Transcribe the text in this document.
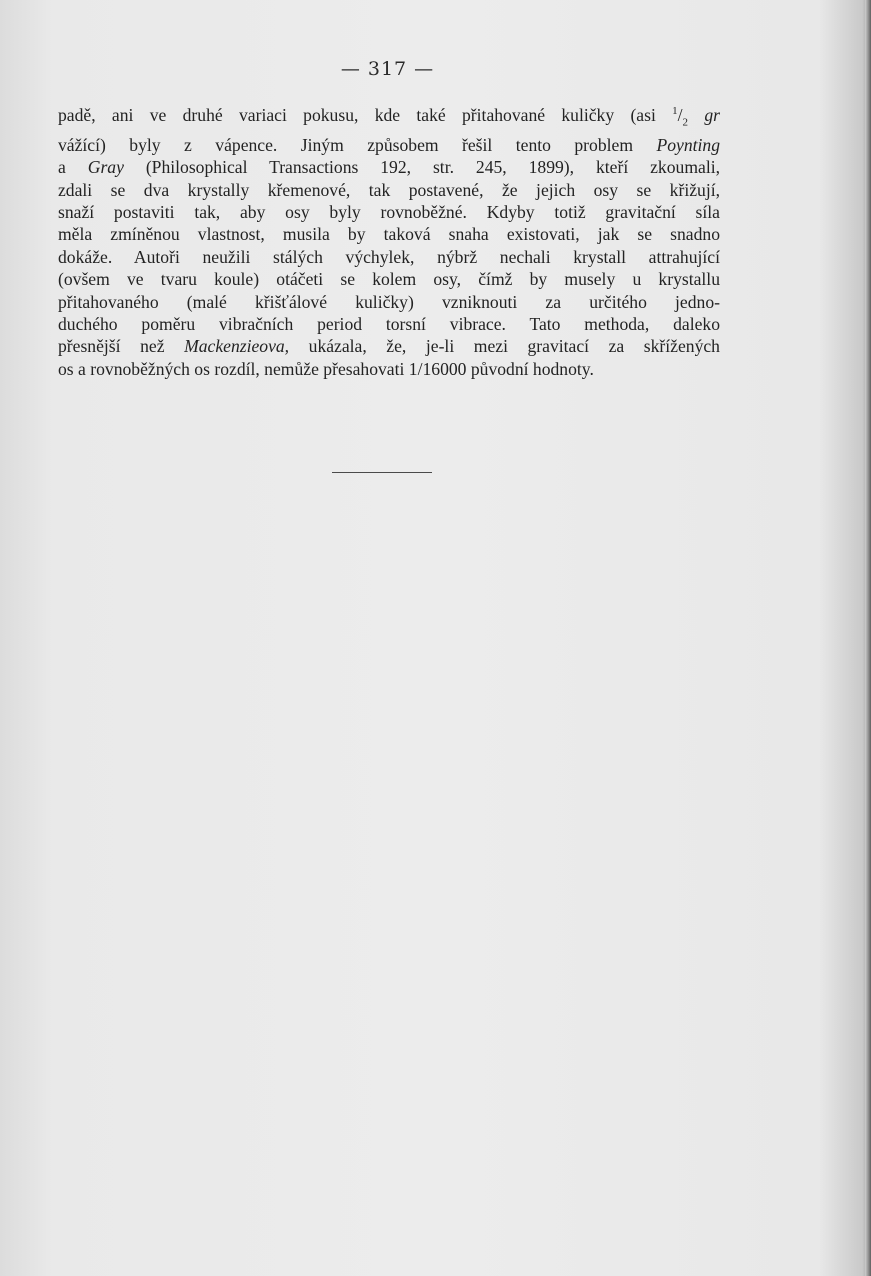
— 317 —
padě, ani ve druhé variaci pokusu, kde také přitahované kuličky (asi $^1/_2$ gr
vážící) byly z vápence. Jiným způsobem řešil tento problem Poynting
a Gray (Philosophical Transactions 192, str. 245, 1899), kteří zkoumali,
zdali se dva krystally křemenové, tak postavené, že jejich osy se křižují,
snaží postaviti tak, aby osy byly rovnoběžné. Kdyby totiž gravitační síla
měla zmíněnou vlastnost, musila by taková snaha existovati, jak se snadno
dokáže. Autoři neužili stálých výchylek, nýbrž nechali krystall attrahující
(ovšem ve tvaru koule) otáčeti se kolem osy, čímž by musely u krystallu
přitahovaného (malé křišťálové kuličky) vzniknouti za určitého jedno-
duchého poměru vibračních period torsní vibrace. Tato methoda, daleko
přesnější než Mackenzieova, ukázala, že, je-li mezi gravitací za skřížených
os a rovnoběžných os rozdíl, nemůže přesahovati 1/16000 původní hodnoty.
